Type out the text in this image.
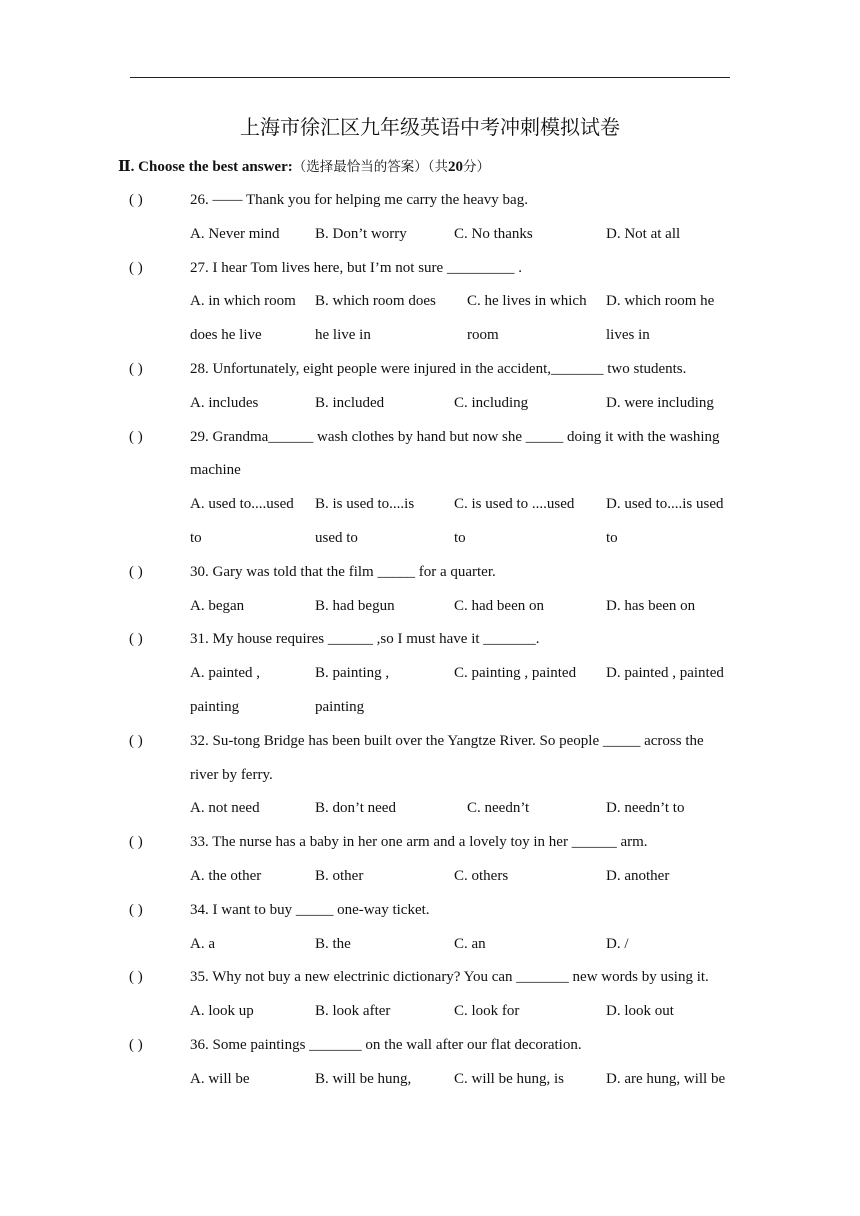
上海市徐汇区九年级英语中考冲刺模拟试卷
Ⅱ. Choose the best answer:（选择最恰当的答案）（共20分）
( )	26. —— Thank you for helping me carry the heavy bag.
A. Never mind B. Don’t worry	C. No thanks	D. Not at all
( )	27. I hear Tom lives here, but I’m not sure _________ .
A. in which room
does he live
B. which room does
he live in
C. he lives in which
room
D. which room he
lives in
( )	28. Unfortunately, eight people were injured in the accident,_______ two students.
A. includes	B. included	C. including	D. were including
( )	29. Grandma______ wash clothes by hand but now she _____ doing it with the washing
machine
A. used to....used
to
B. is used to....is
used to
C. is used to ....used
to
D. used to....is used
to
( )	30. Gary was told that the film _____ for a quarter.
A. began	B. had begun	C. had been on	D. has been on
( )	31. My house requires ______ ,so I must have it _______.
A. painted ,
painting
B. painting ,
painting
C. painting , painted D. painted , painted
( )	32. Su-tong Bridge has been built over the Yangtze River. So people _____ across the
river by ferry.
A. not need	B. don’t need	C. needn’t	D. needn’t to
( )	33. The nurse has a baby in her one arm and a lovely toy in her ______ arm.
A. the other	B. other	C. others	D. another
( )	34. I want to buy _____ one-way ticket.
A. a	B. the	C. an	D. /
( )	35. Why not buy a new electrinic dictionary? You can _______ new words by using it.
A. look up	B. look after	C. look for	D. look out
( )	36. Some paintings _______ on the wall after our flat decoration.
A. will be	B. will be hung,	C. will be hung, is	D. are hung, will be
